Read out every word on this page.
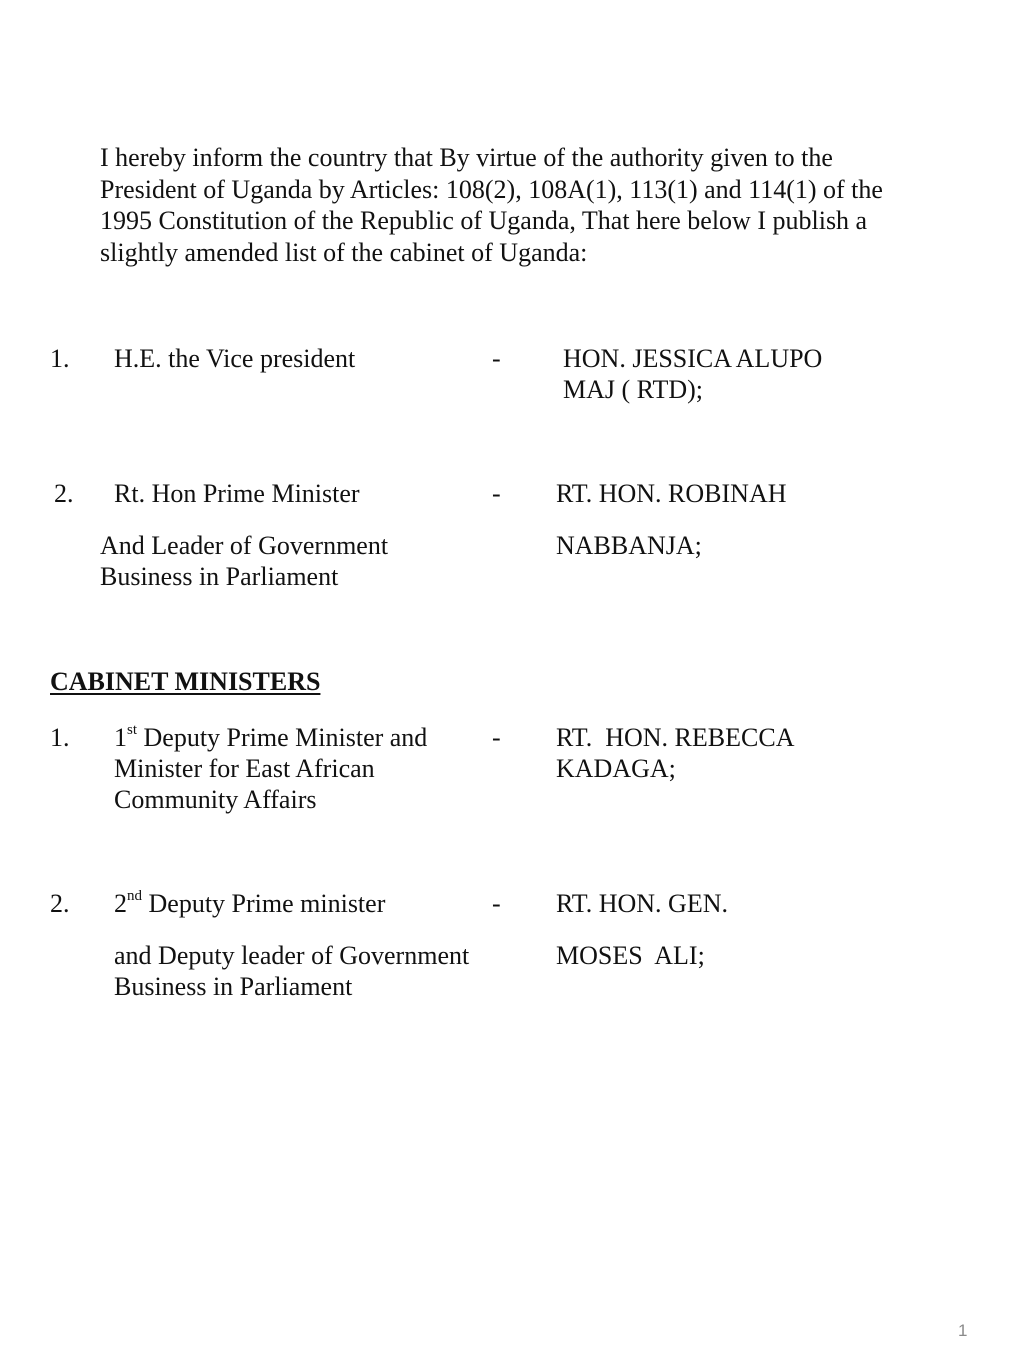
I hereby inform the country that By virtue of the authority given to the
President of Uganda by Articles: 108(2), 108A(1), 113(1) and 114(1) of the
1995 Constitution of the Republic of Uganda, That here below I publish a
slightly amended list of the cabinet of Uganda:
1. H.E. the Vice president	- HON. JESSICA ALUPO
MAJ ( RTD);
2. Rt. Hon Prime Minister	- RT. HON. ROBINAH
And Leader of Government	NABBANJA;
Business in Parliament
CABINET MINISTERS
1. 1st Deputy Prime Minister and - RT.  HON. REBECCA
Minister for East African	KADAGA;
Community Affairs
2. 2nd Deputy Prime minister	- RT. HON. GEN.
and Deputy leader of Government	MOSES  ALI;
Business in Parliament
1
